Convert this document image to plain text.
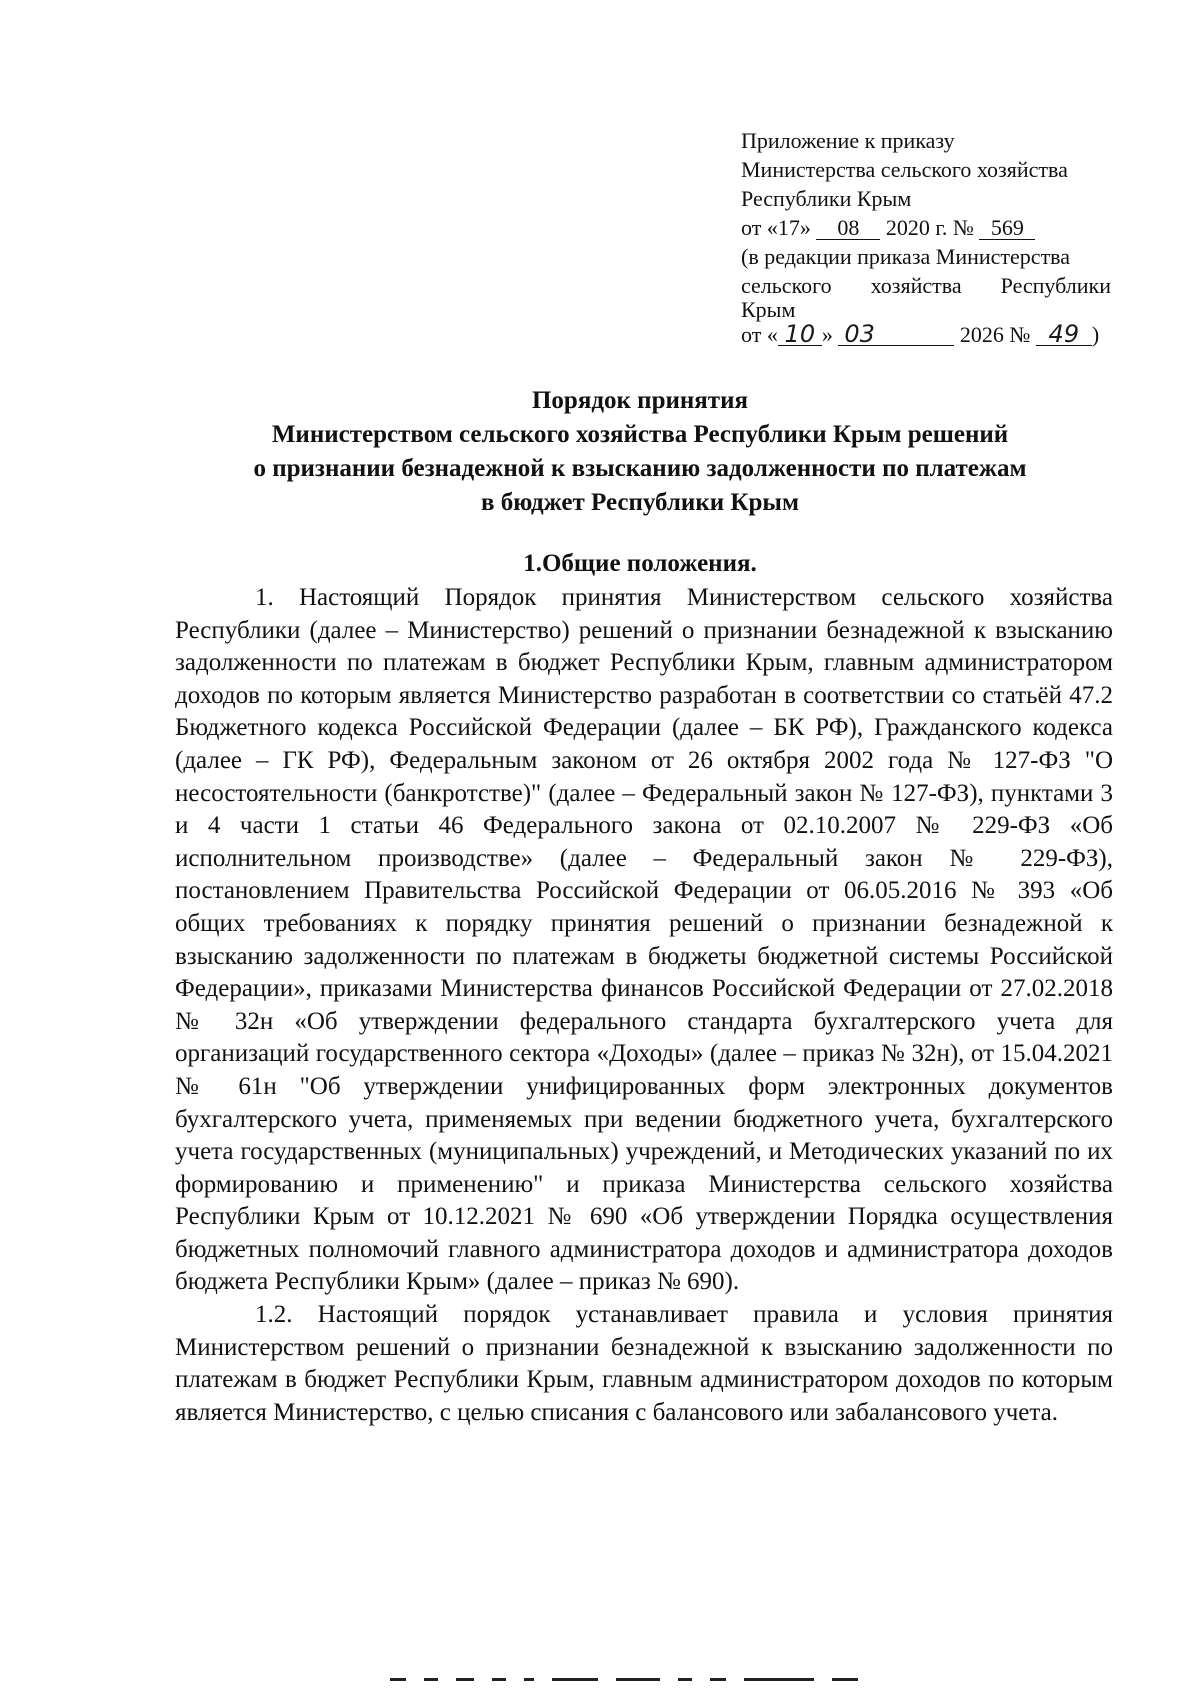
Приложение к приказу
Министерства сельского хозяйства
Республики Крым
от «17» 08 2020 г. № 569
(в редакции приказа Министерства
сельского хозяйства Республики
Крым
от « 10 » 03	2026 № 49 )
Порядок принятия
Министерством сельского хозяйства Республики Крым решений
о признании безнадежной к взысканию задолженности по платежам
в бюджет Республики Крым
1.Общие положения.

1. Настоящий Порядок принятия Министерством сельского хозяйства Республики (далее – Министерство) решений о признании безнадежной к взысканию задолженности по платежам в бюджет Республики Крым, главным администратором доходов по которым является Министерство разработан в соответствии со статьёй 47.2 Бюджетного кодекса Российской Федерации (далее – БК РФ), Гражданского кодекса (далее – ГК РФ), Федеральным законом от 26 октября 2002 года № 127-ФЗ "О несостоятельности (банкротстве)" (далее – Федеральный закон № 127-ФЗ), пунктами 3 и 4 части 1 статьи 46 Федерального закона от 02.10.2007 № 229-ФЗ «Об исполнительном производстве» (далее – Федеральный закон № 229-ФЗ), постановлением Правительства Российской Федерации от 06.05.2016 № 393 «Об общих требованиях к порядку принятия решений о признании безнадежной к взысканию задолженности по платежам в бюджеты бюджетной системы Российской Федерации», приказами Министерства финансов Российской Федерации от 27.02.2018 № 32н «Об утверждении федерального стандарта бухгалтерского учета для организаций государственного сектора «Доходы» (далее – приказ № 32н), от 15.04.2021 № 61н "Об утверждении унифицированных форм электронных документов бухгалтерского учета, применяемых при ведении бюджетного учета, бухгалтерского учета государственных (муниципальных) учреждений, и Методических указаний по их формированию и применению" и приказа Министерства сельского хозяйства Республики Крым от 10.12.2021 № 690 «Об утверждении Порядка осуществления бюджетных полномочий главного администратора доходов и администратора доходов бюджета Республики Крым» (далее – приказ № 690).

1.2. Настоящий порядок устанавливает правила и условия принятия Министерством решений о признании безнадежной к взысканию задолженности по платежам в бюджет Республики Крым, главным администратором доходов по которым является Министерство, с целью списания с балансового или забалансового учета.
